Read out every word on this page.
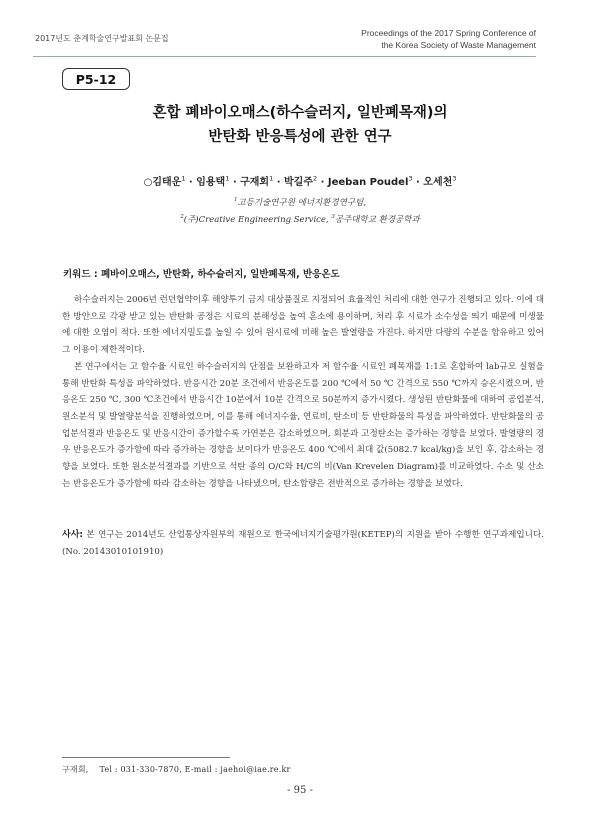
2017년도 춘계학술연구발표회 논문집
Proceedings of the 2017 Spring Conference of
the Korea Society of Waste Management
P5-12
혼합 폐바이오매스(하수슬러지, 일반폐목재)의
반탄화 반응특성에 관한 연구
○김태운$^1$ · 임용택$^1$ · 구재회$^1$ · 박길주$^2$ · Jeeban Poudel$^3$ · 오세천$^3$
$^1$고등기술연구원 에너지환경연구팀,
$^2$(주)Creative Engineering Service, $^3$공주대학교 환경공학과
키워드 : 폐바이오매스, 반탄화, 하수슬러지, 일반폐목재, 반응온도

하수슬러지는 2006년 런던협약이후 해양투기 금지 대상품질로 지정되어 효율적인 처리에 대한 연구가 진행되고 있다. 이에 대한 방안으로 각광 받고 있는 반탄화 공정은 시료의 분해성을 높여 혼소에 용이하며, 처리 후 시료가 소수성을 띄기 때문에 미생물에 대한 오염이 적다. 또한 에너지밀도를 높일 수 있어 원시료에 비해 높은 발열량을 가진다. 하지만 다량의 수분을 함유하고 있어 그 이용이 제한적이다.

본 연구에서는 고 함수율 시료인 하수슬러지의 단점을 보완하고자 저 함수율 시료인 폐목재를 1:1로 혼합하여 lab규모 실험을 통해 반탄화 특성을 파악하였다. 반응시간 20분 조건에서 반응온도를 200 ℃에서 50 ℃ 간격으로 550 ℃까지 승온시켰으며, 반응온도 250 ℃, 300 ℃조건에서 반응시간 10분에서 10분 간격으로 50분까지 증가시켰다. 생성된 반탄화물에 대하여 공업분석, 원소분석 및 발열량분석을 진행하였으며, 이를 통해 에너지수율, 연료비, 탄소비 등 반탄화물의 특성을 파악하였다. 반탄화물의 공업분석결과 반응온도 및 반응시간이 증가할수록 가연분은 감소하였으며, 회분과 고정탄소는 증가하는 경향을 보였다. 발열량의 경우 반응온도가 증가함에 따라 증가하는 경향을 보이다가 반응온도 400 ℃에서 최대 값(5082.7 kcal/kg)을 보인 후, 감소하는 경향을 보였다. 또한 원소분석결과를 기반으로 석탄 종의 O/C와 H/C의 비(Van Krevelen Diagram)를 비교하였다. 수소 및 산소는 반응온도가 증가함에 따라 감소하는 경향을 나타냈으며, 탄소함량은 전반적으로 증가하는 경향을 보였다.

사사: 본 연구는 2014년도 산업통상자원부의 재원으로 한국에너지기술평가원(KETEP)의 지원을 받아 수행한 연구과제입니다. (No. 20143010101910)
구재회,    Tel : 031-330-7870, E-mail : jaehoi@iae.re.kr
- 95 -
